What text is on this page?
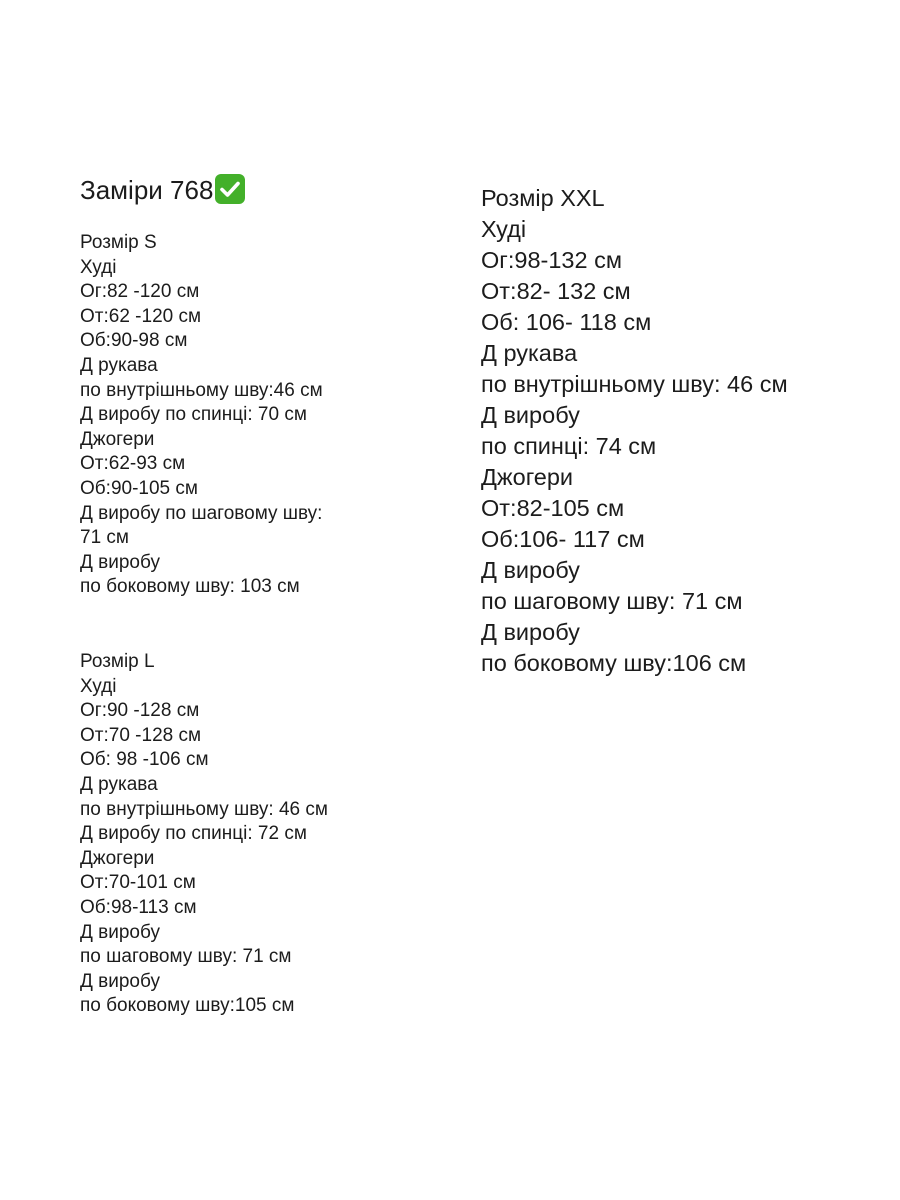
Заміри 768
Розмір S
Худі
Ог:82 -120 см
От:62 -120 см
Об:90-98 см
Д рукава
по внутрішньому шву:46 см
Д виробу по спинці: 70 см
Джогери
От:62-93 см
Об:90-105 см
Д виробу по шаговому шву:
71 см
Д виробу
по боковому шву: 103 см
Розмір L
Худі
Ог:90 -128 см
От:70 -128 см
Об: 98 -106 см
Д рукава
по внутрішньому шву: 46 см
Д виробу по спинці: 72 см
Джогери
От:70-101 см
Об:98-113 см
Д виробу
по шаговому шву: 71 см
Д виробу
по боковому шву:105 см
Розмір XXL
Худі
Ог:98-132 см
От:82- 132 см
Об: 106- 118 см
Д рукава
по внутрішньому шву: 46 см
Д виробу
по спинці: 74 см
Джогери
От:82-105 см
Об:106- 117 см
Д виробу
по шаговому шву: 71 см
Д виробу
по боковому шву:106 см
